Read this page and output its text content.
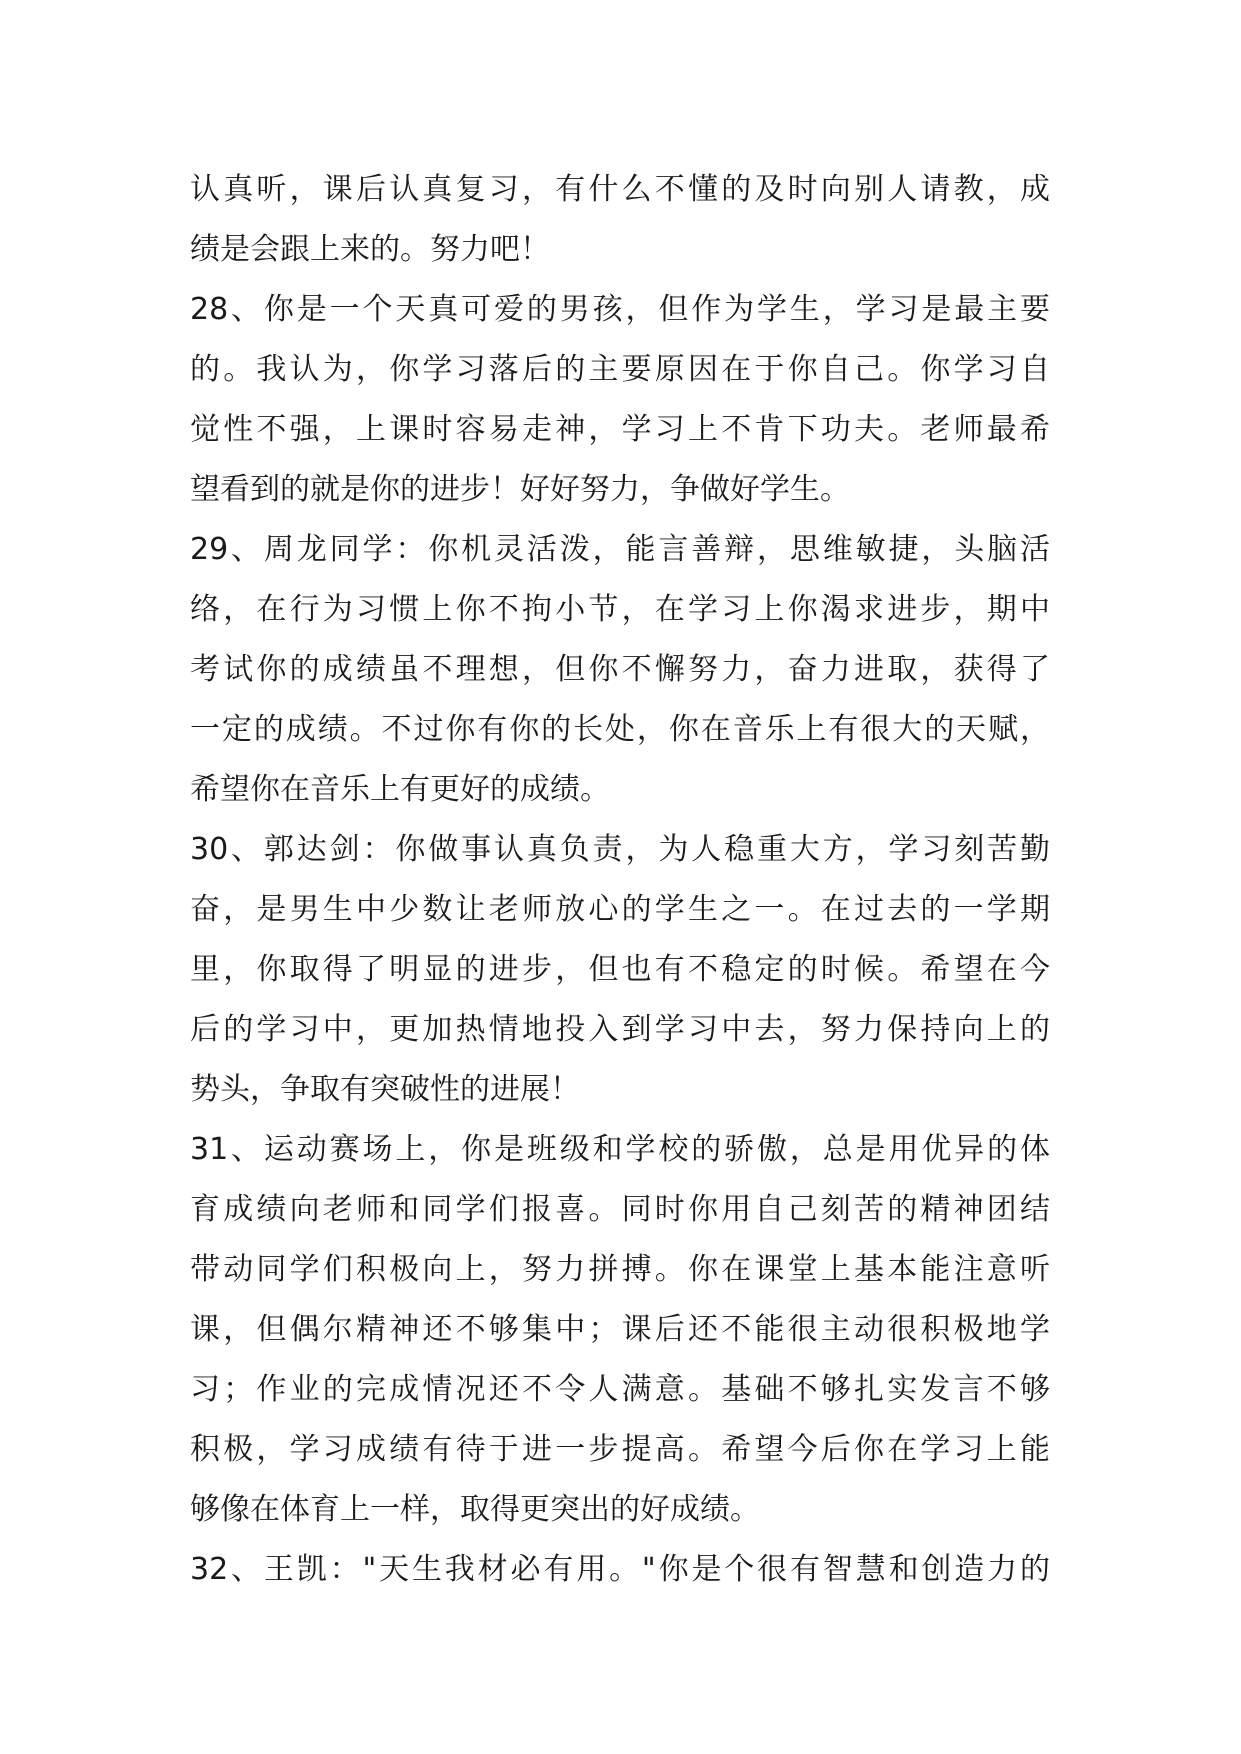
认真听，课后认真复习，有什么不懂的及时向别人请教，成
绩是会跟上来的。努力吧！
28、你是一个天真可爱的男孩，但作为学生，学习是最主要
的。我认为，你学习落后的主要原因在于你自己。你学习自
觉性不强，上课时容易走神，学习上不肯下功夫。老师最希
望看到的就是你的进步！好好努力，争做好学生。
29、周龙同学：你机灵活泼，能言善辩，思维敏捷，头脑活
络，在行为习惯上你不拘小节，在学习上你渴求进步，期中
考试你的成绩虽不理想，但你不懈努力，奋力进取，获得了
一定的成绩。不过你有你的长处，你在音乐上有很大的天赋，
希望你在音乐上有更好的成绩。
30、郭达剑：你做事认真负责，为人稳重大方，学习刻苦勤
奋，是男生中少数让老师放心的学生之一。在过去的一学期
里，你取得了明显的进步，但也有不稳定的时候。希望在今
后的学习中，更加热情地投入到学习中去，努力保持向上的
势头，争取有突破性的进展！
31、运动赛场上，你是班级和学校的骄傲，总是用优异的体
育成绩向老师和同学们报喜。同时你用自己刻苦的精神团结
带动同学们积极向上，努力拼搏。你在课堂上基本能注意听
课，但偶尔精神还不够集中；课后还不能很主动很积极地学
习；作业的完成情况还不令人满意。基础不够扎实发言不够
积极，学习成绩有待于进一步提高。希望今后你在学习上能
够像在体育上一样，取得更突出的好成绩。
32、王凯："天生我材必有用。"你是个很有智慧和创造力的
